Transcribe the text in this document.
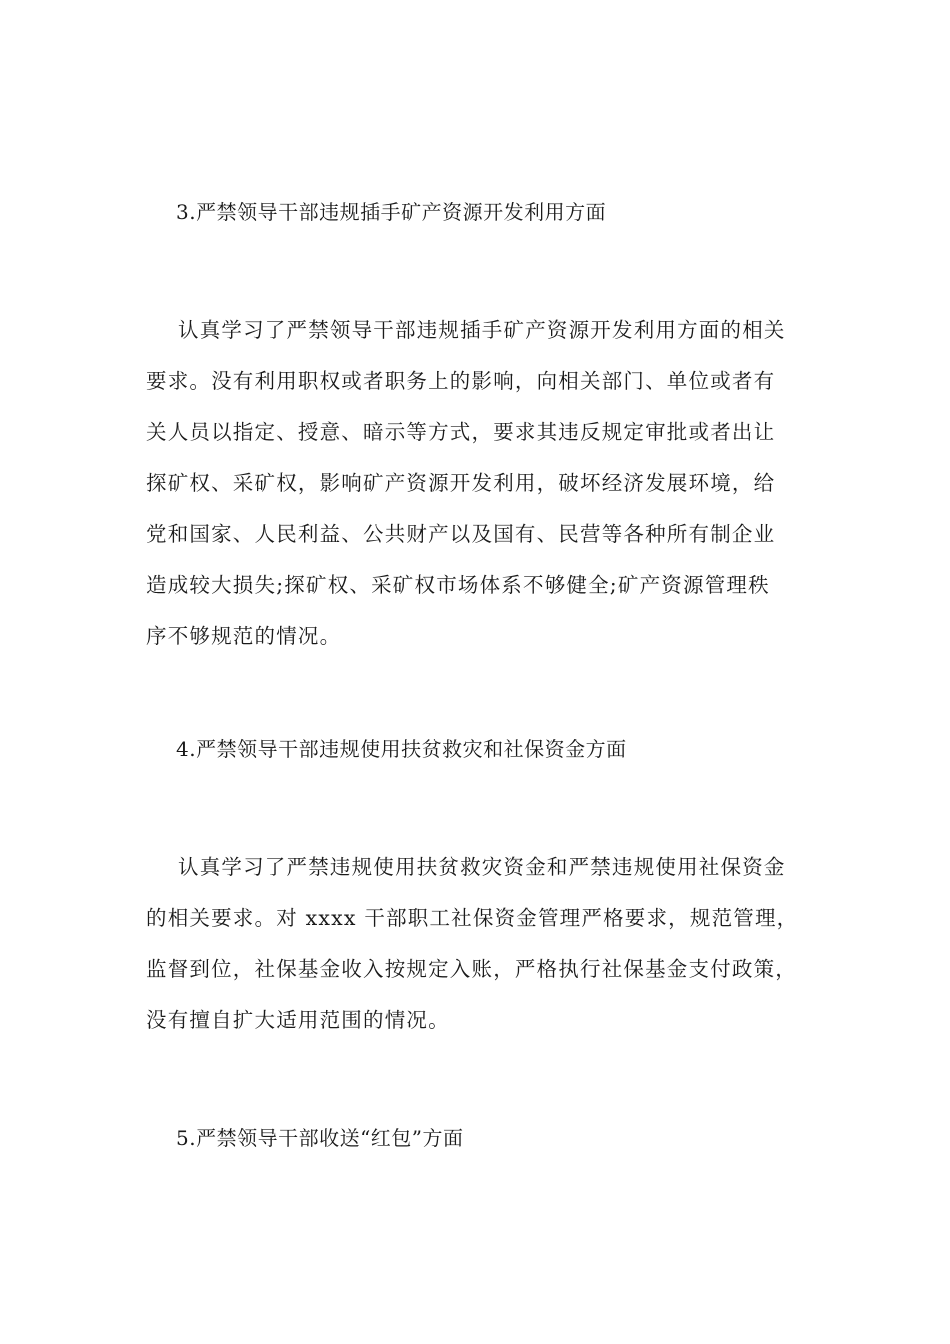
3.严禁领导干部违规插手矿产资源开发利用方面
认真学习了严禁领导干部违规插手矿产资源开发利用方面的相关
要求。没有利用职权或者职务上的影响，向相关部门、单位或者有
关人员以指定、授意、暗示等方式，要求其违反规定审批或者出让
探矿权、采矿权，影响矿产资源开发利用，破坏经济发展环境，给
党和国家、人民利益、公共财产以及国有、民营等各种所有制企业
造成较大损失;探矿权、采矿权市场体系不够健全;矿产资源管理秩
序不够规范的情况。
4.严禁领导干部违规使用扶贫救灾和社保资金方面
认真学习了严禁违规使用扶贫救灾资金和严禁违规使用社保资金
的相关要求。对 xxxx 干部职工社保资金管理严格要求，规范管理，
监督到位，社保基金收入按规定入账，严格执行社保基金支付政策，
没有擅自扩大适用范围的情况。
5.严禁领导干部收送“红包”方面
